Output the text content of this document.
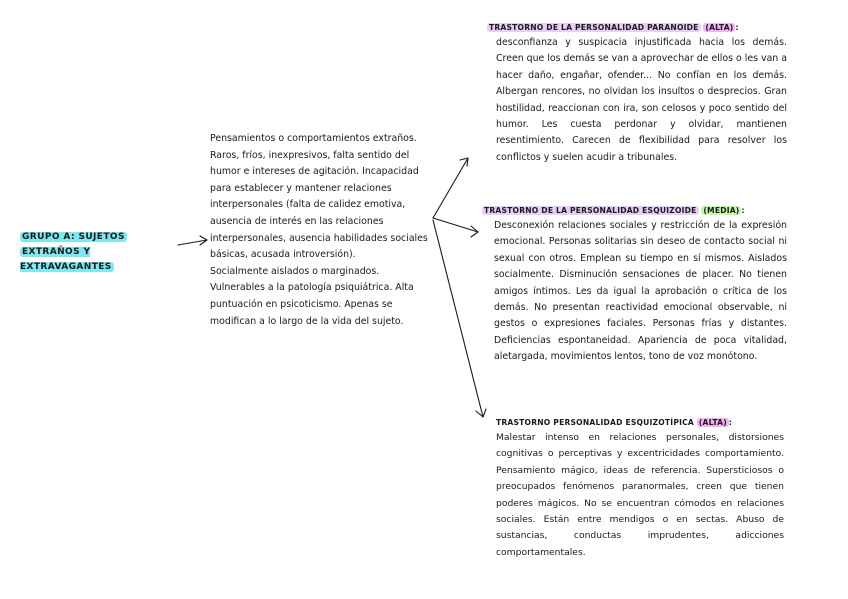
GRUPO A: SUJETOS
EXTRAÑOS Y EXTRAVAGANTES

Pensamientos o comportamientos extraños. Raros, fríos, inexpresivos, falta sentido del humor e intereses de agitación. Incapacidad para establecer y mantener relaciones interpersonales (falta de calidez emotiva, ausencia de interés en las relaciones interpersonales, ausencia habilidades sociales básicas, acusada introversión).

Socialmente aislados o marginados. Vulnerables a la patología psiquiátrica. Alta puntuación en psicoticismo. Apenas se modifican a lo largo de la vida del sujeto.

TRASTORNO DE LA PERSONALIDAD PARANOIDE (ALTA) :
desconfianza y suspicacia injustificada hacia los demás. Creen que los demás se van a aprovechar de ellos o les van a hacer daño, engañar, ofender... No confían en los demás. Albergan rencores, no olvidan los insultos o desprecios. Gran hostilidad, reaccionan con ira, son celosos y poco sentido del humor. Les cuesta perdonar y olvidar, mantienen resentimiento. Carecen de flexibilidad para resolver los conflictos y suelen acudir a tribunales.
TRASTORNO DE LA PERSONALIDAD ESQUIZOIDE (MEDIA) :
Desconexión relaciones sociales y restricción de la expresión emocional. Personas solitarias sin deseo de contacto social ni sexual con otros. Emplean su tiempo en sí mismos. Aislados socialmente. Disminución sensaciones de placer. No tienen amigos íntimos. Les da igual la aprobación o crítica de los demás. No presentan reactividad emocional observable, ni gestos o expresiones faciales. Personas frías y distantes. Deficiencias espontaneidad. Apariencia de poca vitalidad, aletargada, movimientos lentos, tono de voz monótono.
TRASTORNO PERSONALIDAD ESQUIZOTÍPICA (ALTA) :
Malestar intenso en relaciones personales, distorsiones cognitivas o perceptivas y excentricidades comportamiento. Pensamiento mágico, ideas de referencia. Supersticiosos o preocupados fenómenos paranormales, creen que tienen poderes mágicos. No se encuentran cómodos en relaciones sociales. Están entre mendigos o en sectas. Abuso de sustancias, conductas imprudentes, adicciones comportamentales.
